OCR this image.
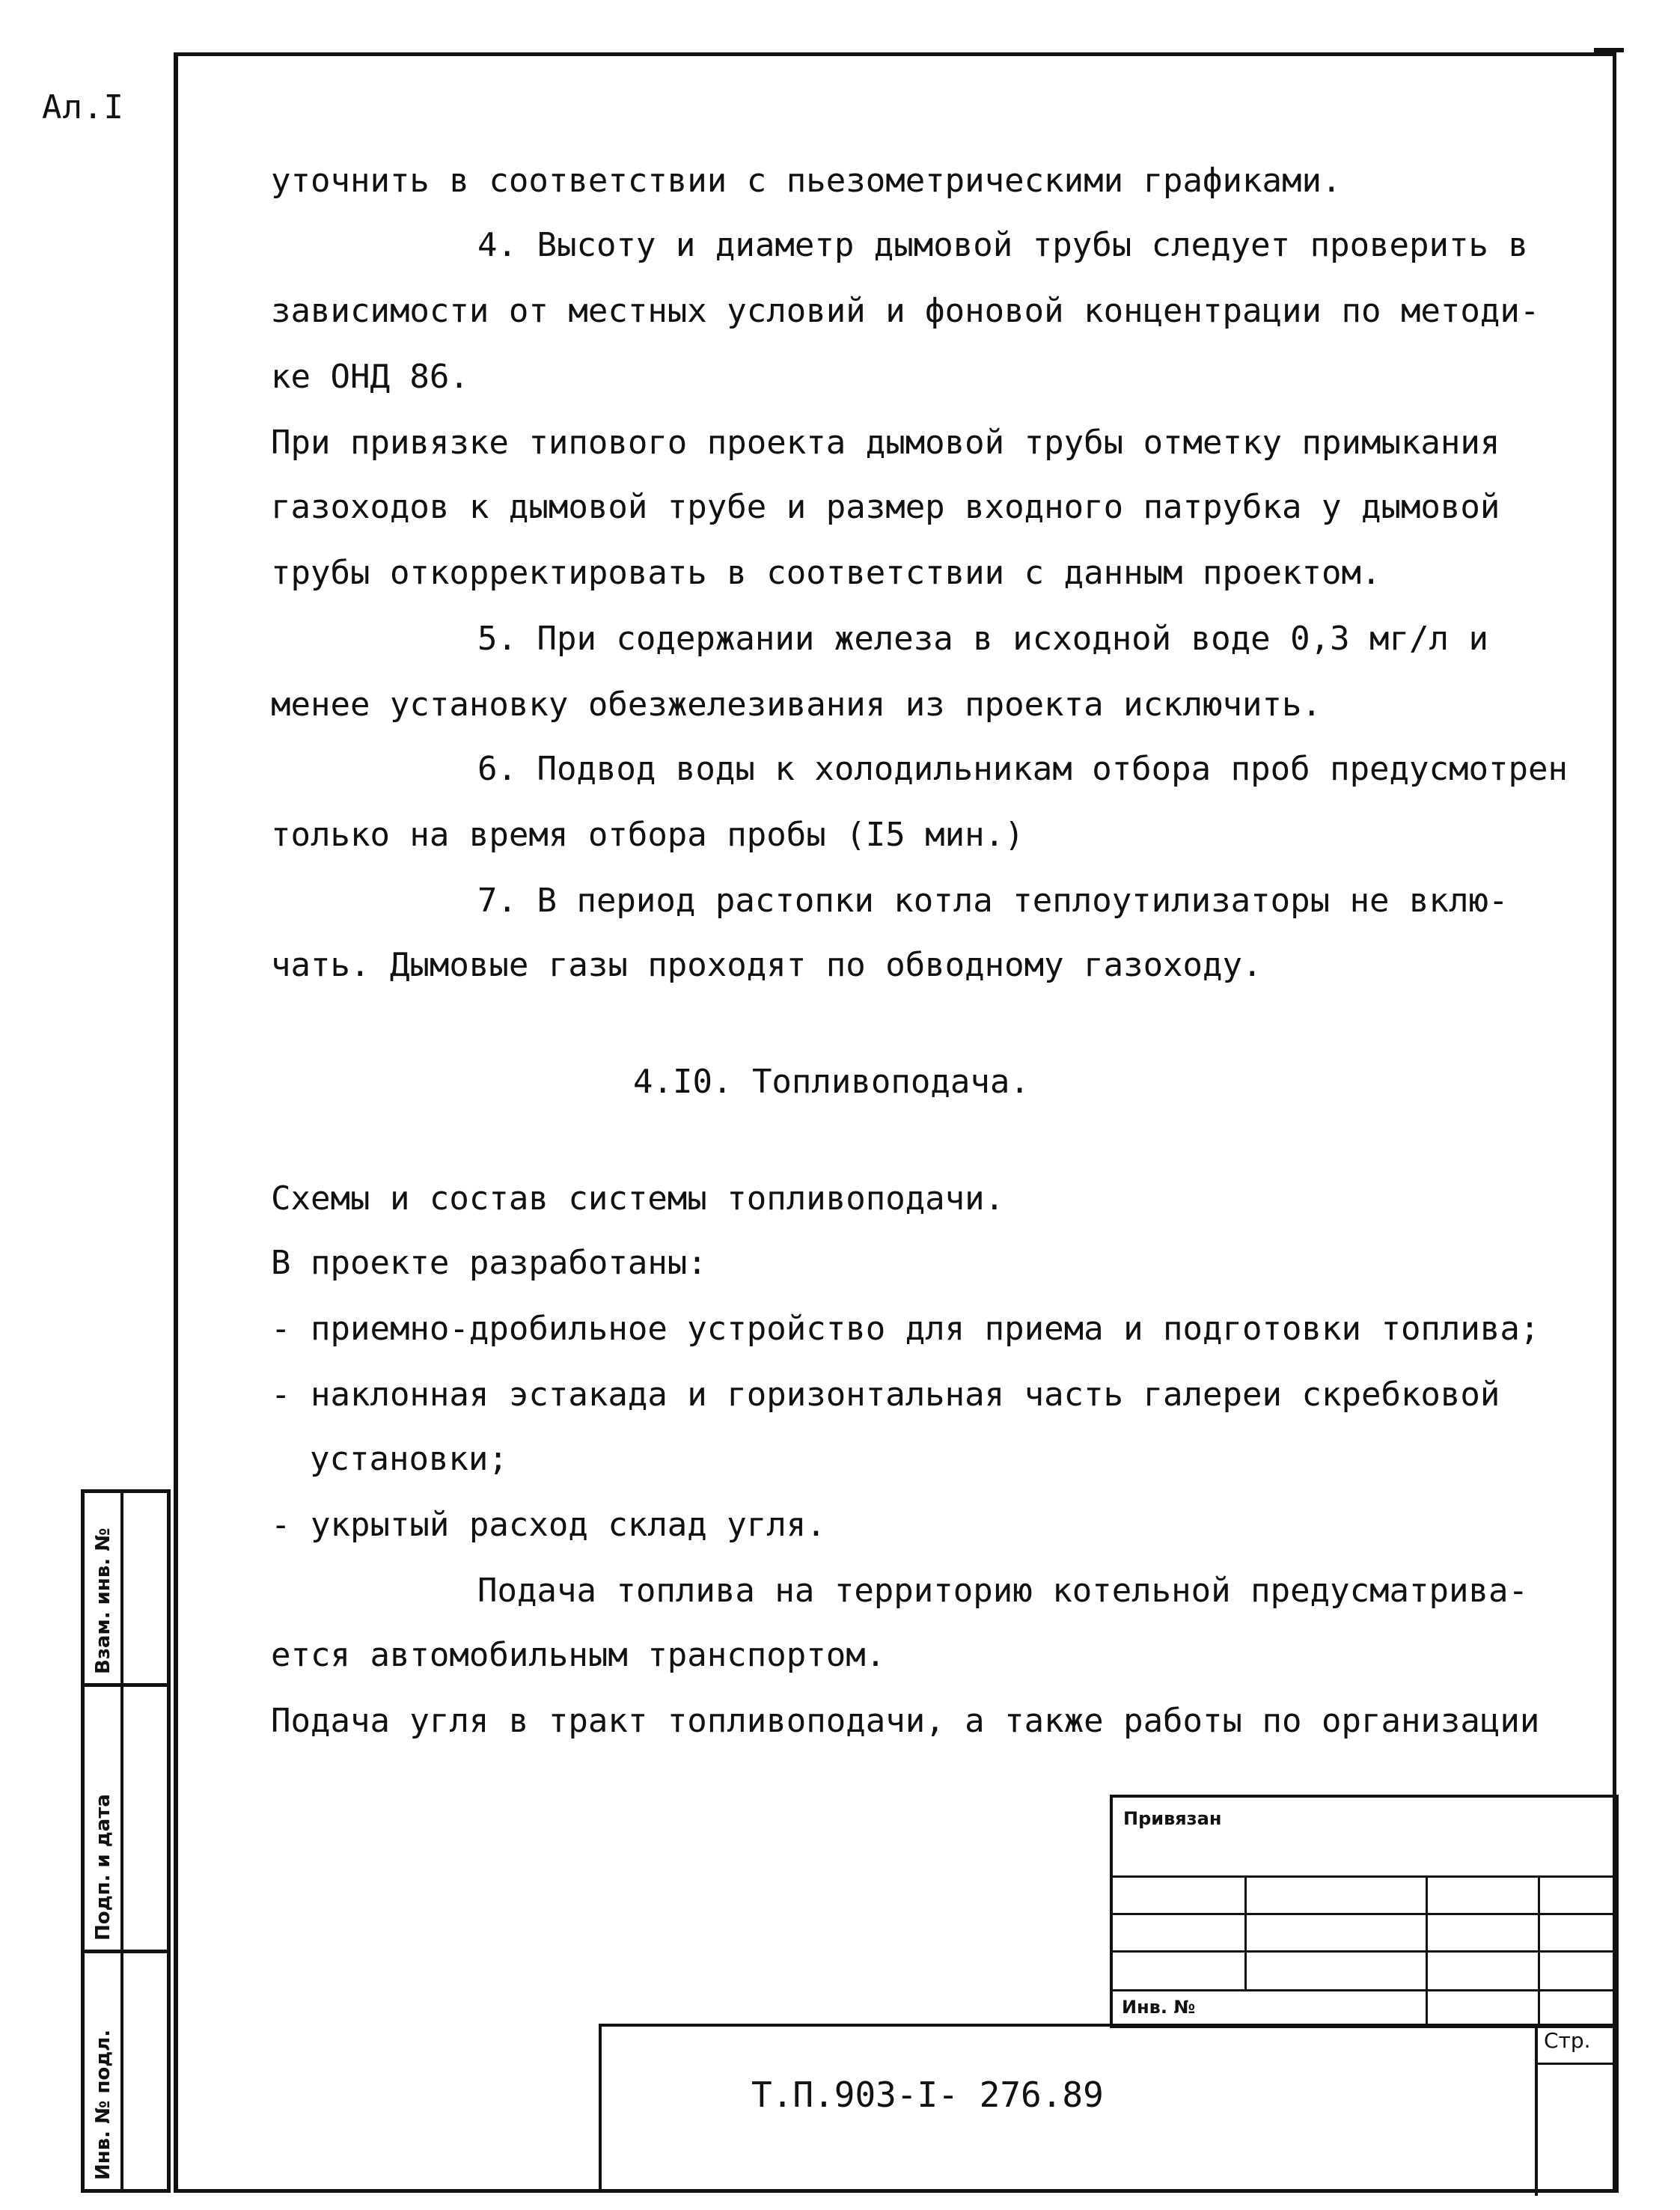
Ал.I
уточнить в соответствии с пьезометрическими графиками.
4. Высоту и диаметр дымовой трубы следует проверить в
зависимости от местных условий и фоновой концентрации по методи-
ке ОНД 86.
При привязке типового проекта дымовой трубы отметку примыкания
газоходов к дымовой трубе и размер входного патрубка у дымовой
трубы откорректировать в соответствии с данным проектом.
5. При содержании железа в исходной воде 0,3 мг/л и
менее установку обезжелезивания из проекта исключить.
6. Подвод воды к холодильникам отбора проб предусмотрен
только на время отбора пробы (I5 мин.)
7. В период растопки котла теплоутилизаторы не вклю-
чать. Дымовые газы проходят по обводному газоходу.
4.I0. Топливоподача.
Схемы и состав системы топливоподачи.
В проекте разработаны:
- приемно-дробильное устройство для приема и подготовки топлива;
- наклонная эстакада и горизонтальная часть галереи скребковой
установки;
- укрытый расход склад угля.
Подача топлива на территорию котельной предусматрива-
ется автомобильным транспортом.
Подача угля в тракт топливоподачи, а также работы по организации
Взам. инв. №
Подп. и дата
Инв. № подл.
Привязан
Инв. №
Т.П.903-I- 276.89
Стр.
